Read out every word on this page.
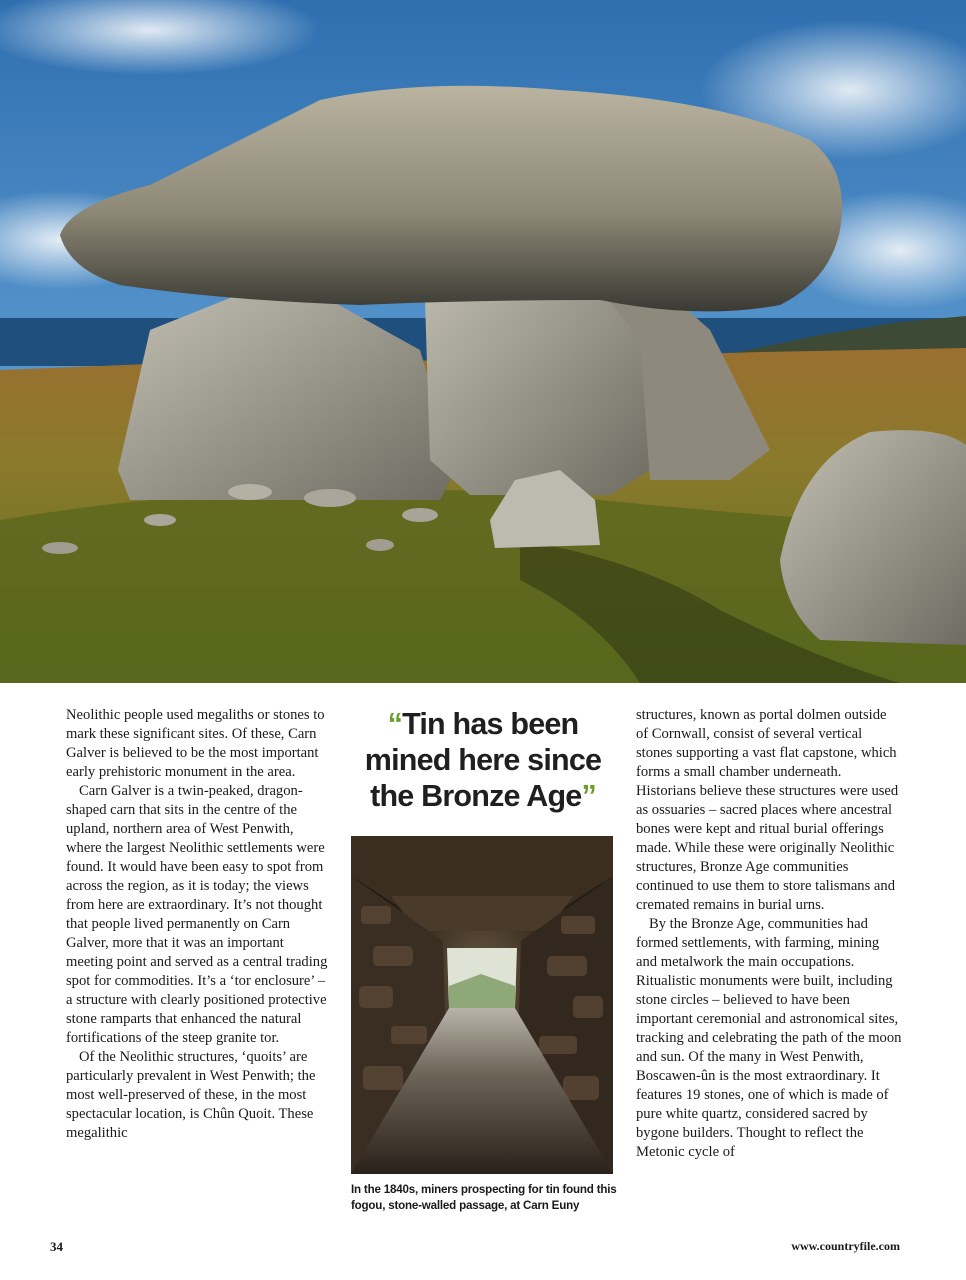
Neolithic people used megaliths or stones to mark these significant sites. Of these, Carn Galver is believed to be the most important early prehistoric monument in the area.

Carn Galver is a twin-peaked, dragon-shaped carn that sits in the centre of the upland, northern area of West Penwith, where the largest Neolithic settlements were found. It would have been easy to spot from across the region, as it is today; the views from here are extraordinary. It’s not thought that people lived permanently on Carn Galver, more that it was an important meeting point and served as a central trading spot for commodities. It’s a ‘tor enclosure’ – a structure with clearly positioned protective stone ramparts that enhanced the natural fortifications of the steep granite tor.

Of the Neolithic structures, ‘quoits’ are particularly prevalent in West Penwith; the most well-preserved of these, in the most spectacular location, is Chûn Quoit. These megalithic

“Tin has been
mined here since
the Bronze Age”
In the 1840s, miners prospecting for tin found this fogou, stone-walled passage, at Carn Euny

structures, known as portal dolmen outside of Cornwall, consist of several vertical stones supporting a vast flat capstone, which forms a small chamber underneath. Historians believe these structures were used as ossuaries – sacred places where ancestral bones were kept and ritual burial offerings made. While these were originally Neolithic structures, Bronze Age communities continued to use them to store talismans and cremated remains in burial urns.

By the Bronze Age, communities had formed settlements, with farming, mining and metalwork the main occupations. Ritualistic monuments were built, including stone circles – believed to have been important ceremonial and astronomical sites, tracking and celebrating the path of the moon and sun. Of the many in West Penwith, Boscawen-ûn is the most extraordinary. It features 19 stones, one of which is made of pure white quartz, considered sacred by bygone builders. Thought to reflect the Metonic cycle of

34	www.countryfile.com
